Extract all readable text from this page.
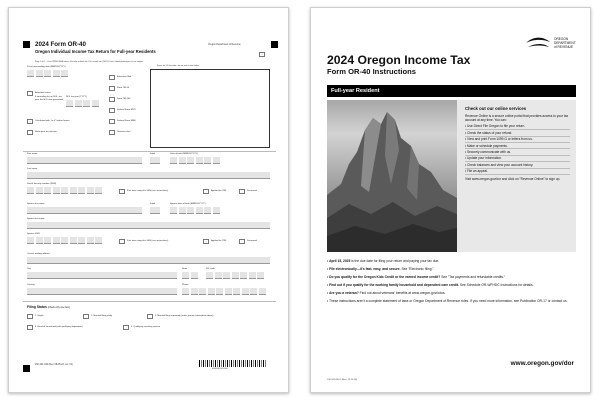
2024 Form OR-40
Oregon Individual Income Tax Return for Full-year Residents
Oregon Department of Revenue
Page 1 of 6 — Use UPPERCASE letters. Use blue or black ink. Print actual size (100%). Don't submit photocopies or use staples.
Fiscal year ending date (MM/DD/YYYY)	Space for 2-D barcode—do not write in box below
Amended return
If amending for an NOL, tax year the NOL was generated
NOL tax year (YYYY)
Calculated with "as if" federal return
Short-year tax election
Extension filed
Form OR-24
Form OR-243
Federal Form 8379
Federal Form 8886
Disaster relief
First name	Initial	Date of birth (MM/DD/YYYY)
Last name
Social Security number (SSN)
First time using this SSN (see instructions)	Applied for ITIN	Deceased
Spouse first name	Initial	Spouse date of birth (MM/DD/YYYY)
Spouse last name
Spouse SSN
First time using this SSN (see instructions)	Applied for ITIN	Deceased
Current mailing address
City	State	ZIP code
Country	Phone
Filing Status (check only one box)
1. Single	2. Married filing jointly	3. Married filing separately (enter spouse information above)
4. Head of household (with qualifying dependent)	5. Qualifying surviving spouse
150-101-040 (Rev. 08-05-24, ver. 01)
00462401010000
OREGON
DEPARTMENT
of REVENUE
2024 Oregon Income Tax
Form OR-40 Instructions
Full-year Resident
Check out our online services
Revenue Online is a secure online portal that provides access to your tax account at any time. You can:
• Use Direct File Oregon to file your return.
• Check the status of your refund.
• View and print Form 1099-G or letters from us.
• Make or schedule payments.
• Securely communicate with us.
• Update your information.
• Check balances and view your account history.
• File an appeal.
Visit www.oregon.gov/dor and click on "Revenue Online" to sign up.
• April 15, 2025 is the due date for filing your return and paying your tax due.
• File electronically—it's fast, easy, and secure. See "Electronic filing."
• Do you qualify for the Oregon Kids Credit or the earned income credit? See "Tax payments and refundable credits."
• Find out if you qualify for the working family household and dependent care credit. See Schedule OR-WFHDC Instructions for details.
• Are you a veteran? Find out about veterans' benefits at www.oregon.gov/odva.
• These instructions aren't a complete statement of laws or Oregon Department of Revenue rules. If you need more information, see Publication OR-17 or contact us.
www.oregon.gov/dor
150-101-040-1 (Rev. 12-12-24)
